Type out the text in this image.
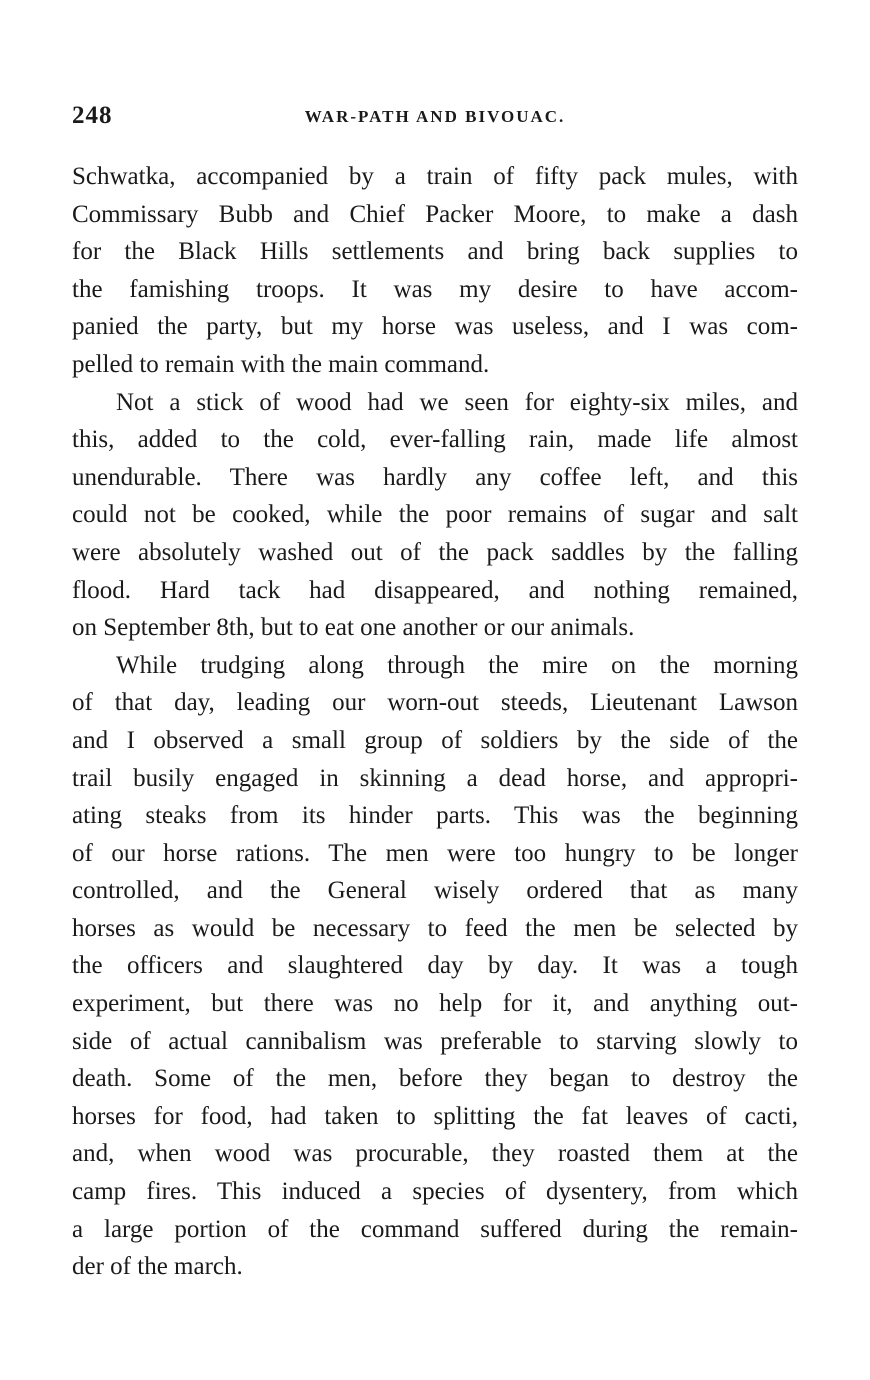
248	WAR-PATH AND BIVOUAC.
Schwatka, accompanied by a train of fifty pack mules, with
Commissary Bubb and Chief Packer Moore, to make a dash
for the Black Hills settlements and bring back supplies to
the famishing troops. It was my desire to have accom-
panied the party, but my horse was useless, and I was com-
pelled to remain with the main command.
Not a stick of wood had we seen for eighty-six miles, and
this, added to the cold, ever-falling rain, made life almost
unendurable. There was hardly any coffee left, and this
could not be cooked, while the poor remains of sugar and salt
were absolutely washed out of the pack saddles by the falling
flood. Hard tack had disappeared, and nothing remained,
on September 8th, but to eat one another or our animals.
While trudging along through the mire on the morning
of that day, leading our worn-out steeds, Lieutenant Lawson
and I observed a small group of soldiers by the side of the
trail busily engaged in skinning a dead horse, and appropri-
ating steaks from its hinder parts. This was the beginning
of our horse rations. The men were too hungry to be longer
controlled, and the General wisely ordered that as many
horses as would be necessary to feed the men be selected by
the officers and slaughtered day by day. It was a tough
experiment, but there was no help for it, and anything out-
side of actual cannibalism was preferable to starving slowly to
death. Some of the men, before they began to destroy the
horses for food, had taken to splitting the fat leaves of cacti,
and, when wood was procurable, they roasted them at the
camp fires. This induced a species of dysentery, from which
a large portion of the command suffered during the remain-
der of the march.
